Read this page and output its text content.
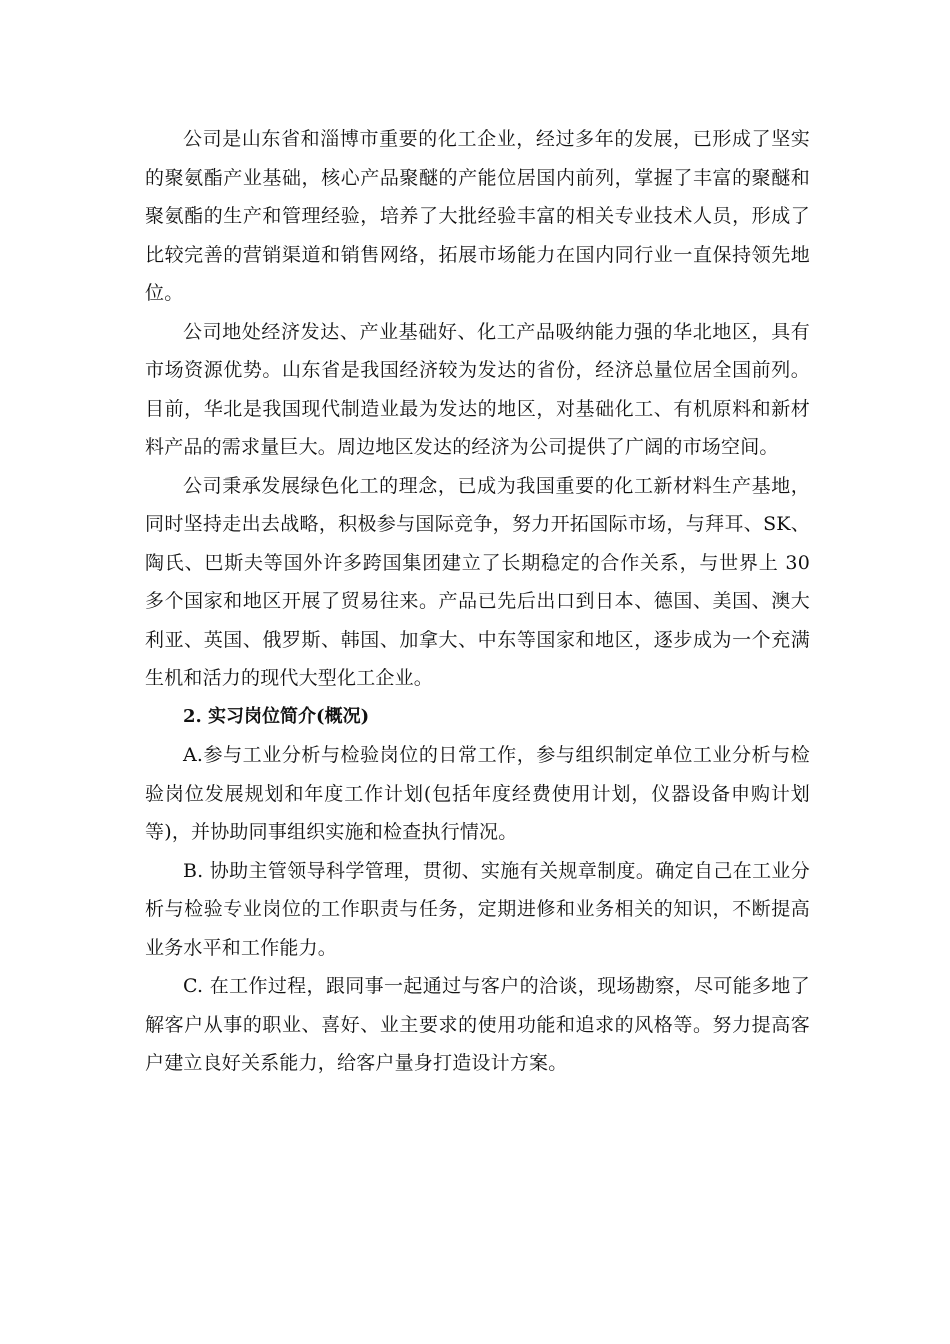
公司是山东省和淄博市重要的化工企业，经过多年的发展，已形成了坚实的聚氨酯产业基础，核心产品聚醚的产能位居国内前列，掌握了丰富的聚醚和聚氨酯的生产和管理经验，培养了大批经验丰富的相关专业技术人员，形成了比较完善的营销渠道和销售网络，拓展市场能力在国内同行业一直保持领先地位。

公司地处经济发达、产业基础好、化工产品吸纳能力强的华北地区，具有市场资源优势。山东省是我国经济较为发达的省份，经济总量位居全国前列。目前，华北是我国现代制造业最为发达的地区，对基础化工、有机原料和新材料产品的需求量巨大。周边地区发达的经济为公司提供了广阔的市场空间。

公司秉承发展绿色化工的理念，已成为我国重要的化工新材料生产基地，同时坚持走出去战略，积极参与国际竞争，努力开拓国际市场，与拜耳、SK、陶氏、巴斯夫等国外许多跨国集团建立了长期稳定的合作关系，与世界上 30 多个国家和地区开展了贸易往来。产品已先后出口到日本、德国、美国、澳大利亚、英国、俄罗斯、韩国、加拿大、中东等国家和地区，逐步成为一个充满生机和活力的现代大型化工企业。

2. 实习岗位简介(概况)

A.参与工业分析与检验岗位的日常工作，参与组织制定单位工业分析与检验岗位发展规划和年度工作计划(包括年度经费使用计划，仪器设备申购计划等)，并协助同事组织实施和检查执行情况。

B. 协助主管领导科学管理，贯彻、实施有关规章制度。确定自己在工业分析与检验专业岗位的工作职责与任务，定期进修和业务相关的知识，不断提高业务水平和工作能力。

C. 在工作过程，跟同事一起通过与客户的洽谈，现场勘察，尽可能多地了解客户从事的职业、喜好、业主要求的使用功能和追求的风格等。努力提高客户建立良好关系能力，给客户量身打造设计方案。
